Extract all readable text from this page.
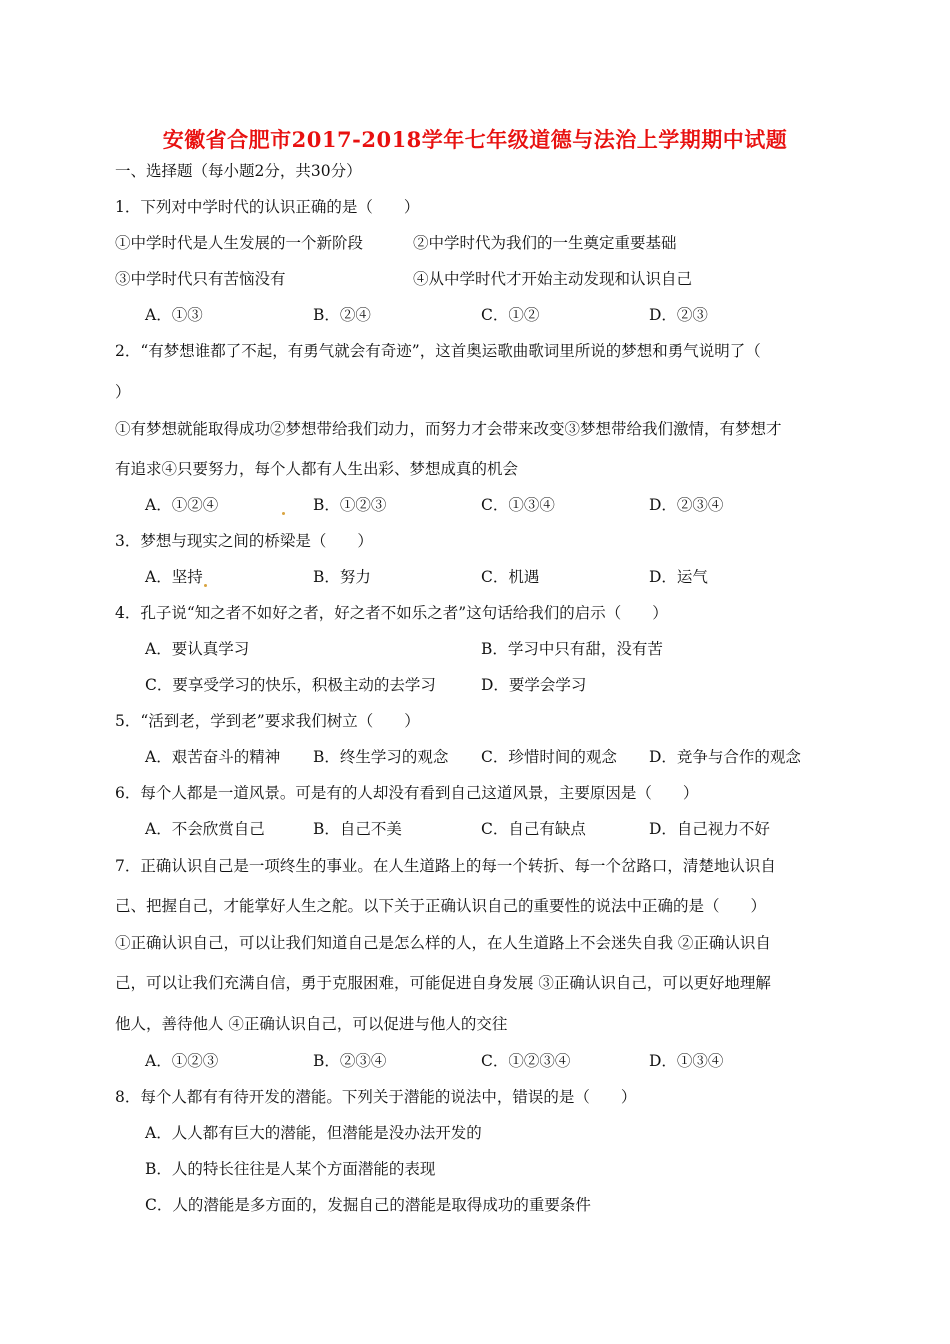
安徽省合肥市2017-2018学年七年级道德与法治上学期期中试题
一、选择题（每小题2分，共30分）
1．下列对中学时代的认识正确的是（　　）
①中学时代是人生发展的一个新阶段	②中学时代为我们的一生奠定重要基础
③中学时代只有苦恼没有	④从中学时代才开始主动发现和认识自己
A．①③	B．②④	C．①②	D．②③
2．“有梦想谁都了不起，有勇气就会有奇迹”，这首奥运歌曲歌词里所说的梦想和勇气说明了（
）
①有梦想就能取得成功②梦想带给我们动力，而努力才会带来改变③梦想带给我们激情，有梦想才
有追求④只要努力，每个人都有人生出彩、梦想成真的机会
A．①②④	B．①②③	C．①③④	D．②③④
3．梦想与现实之间的桥梁是（　　）
A．坚持	B．努力	C．机遇	D．运气
4．孔子说“知之者不如好之者，好之者不如乐之者”这句话给我们的启示（　　）
A．要认真学习	B．学习中只有甜，没有苦
C．要享受学习的快乐，积极主动的去学习	D．要学会学习
5．“活到老，学到老”要求我们树立（　　）
A．艰苦奋斗的精神 B．终生学习的观念 C．珍惜时间的观念 D．竞争与合作的观念
6．每个人都是一道风景。可是有的人却没有看到自己这道风景，主要原因是（　　）
A．不会欣赏自己	B．自己不美	C．自己有缺点	D．自己视力不好
7．正确认识自己是一项终生的事业。在人生道路上的每一个转折、每一个岔路口，清楚地认识自
己、把握自己，才能掌好人生之舵。以下关于正确认识自己的重要性的说法中正确的是（　　）
①正确认识自己，可以让我们知道自己是怎么样的人，在人生道路上不会迷失自我 ②正确认识自
己，可以让我们充满自信，勇于克服困难，可能促进自身发展 ③正确认识自己，可以更好地理解
他人，善待他人 ④正确认识自己，可以促进与他人的交往
A．①②③	B．②③④	C．①②③④	D．①③④
8．每个人都有有待开发的潜能。下列关于潜能的说法中，错误的是（　　）
A．人人都有巨大的潜能，但潜能是没办法开发的
B．人的特长往往是人某个方面潜能的表现
C．人的潜能是多方面的，发掘自己的潜能是取得成功的重要条件
